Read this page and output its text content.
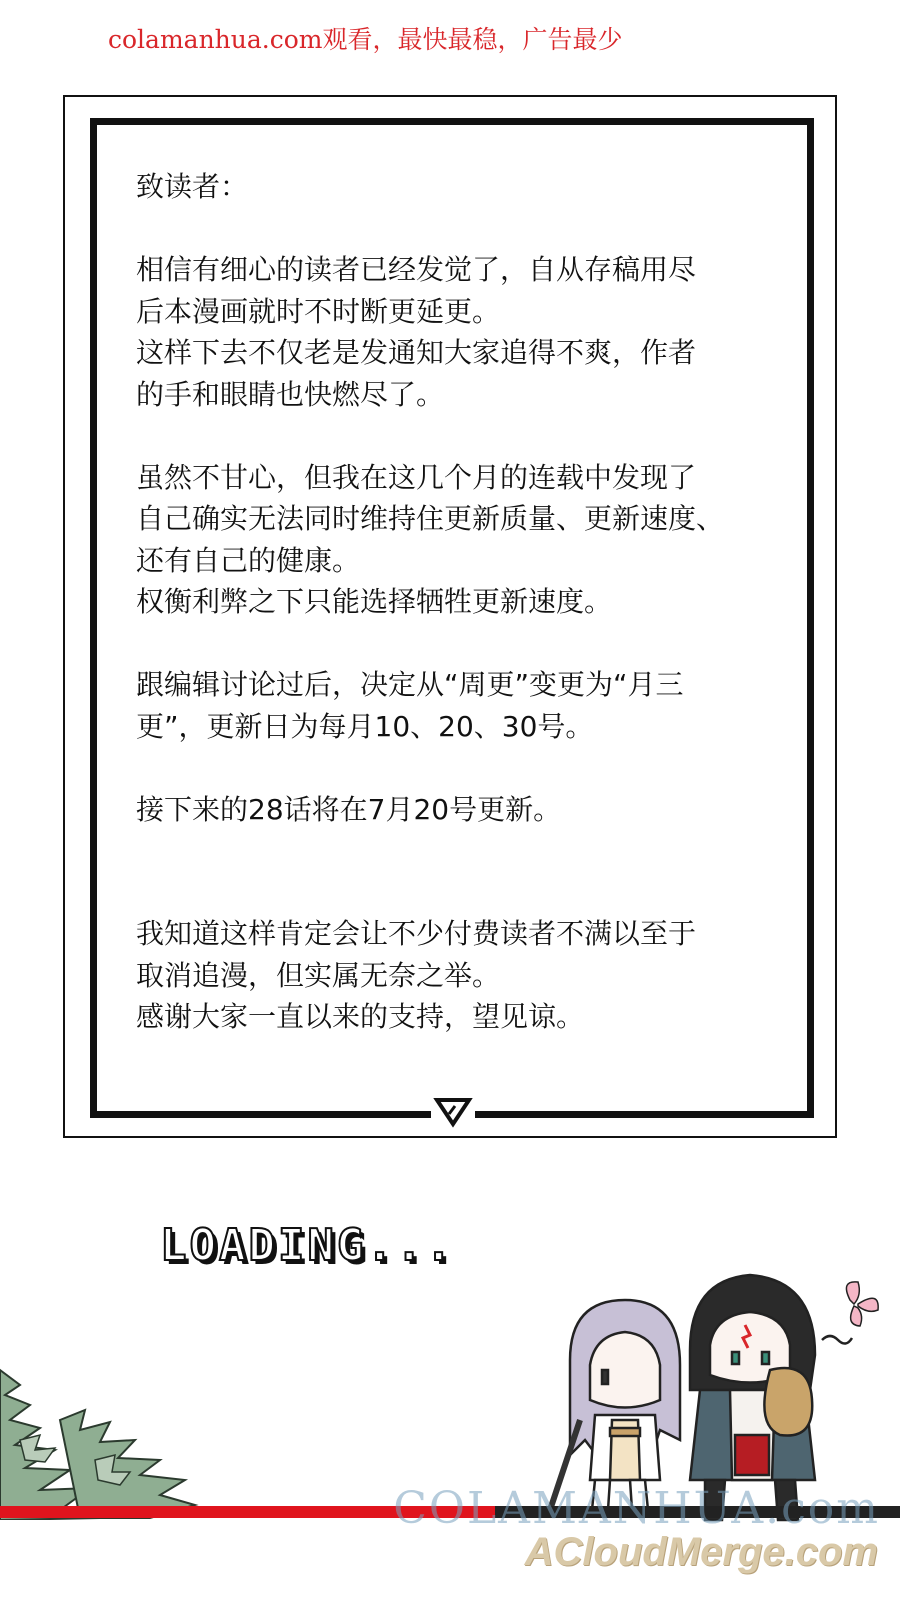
colamanhua.com观看，最快最稳，广告最少

致读者：

相信有细心的读者已经发觉了，自从存稿用尽

后本漫画就时不时断更延更。

这样下去不仅老是发通知大家追得不爽，作者

的手和眼睛也快燃尽了。

虽然不甘心，但我在这几个月的连载中发现了

自己确实无法同时维持住更新质量、更新速度、

还有自己的健康。

权衡利弊之下只能选择牺牲更新速度。

跟编辑讨论过后，决定从“周更”变更为“月三

更”，更新日为每月10、20、30号。

接下来的28话将在7月20号更新。

我知道这样肯定会让不少付费读者不满以至于

取消追漫，但实属无奈之举。

感谢大家一直以来的支持，望见谅。

LOADING...
COLAMANHUA.com
ACloudMerge.com
